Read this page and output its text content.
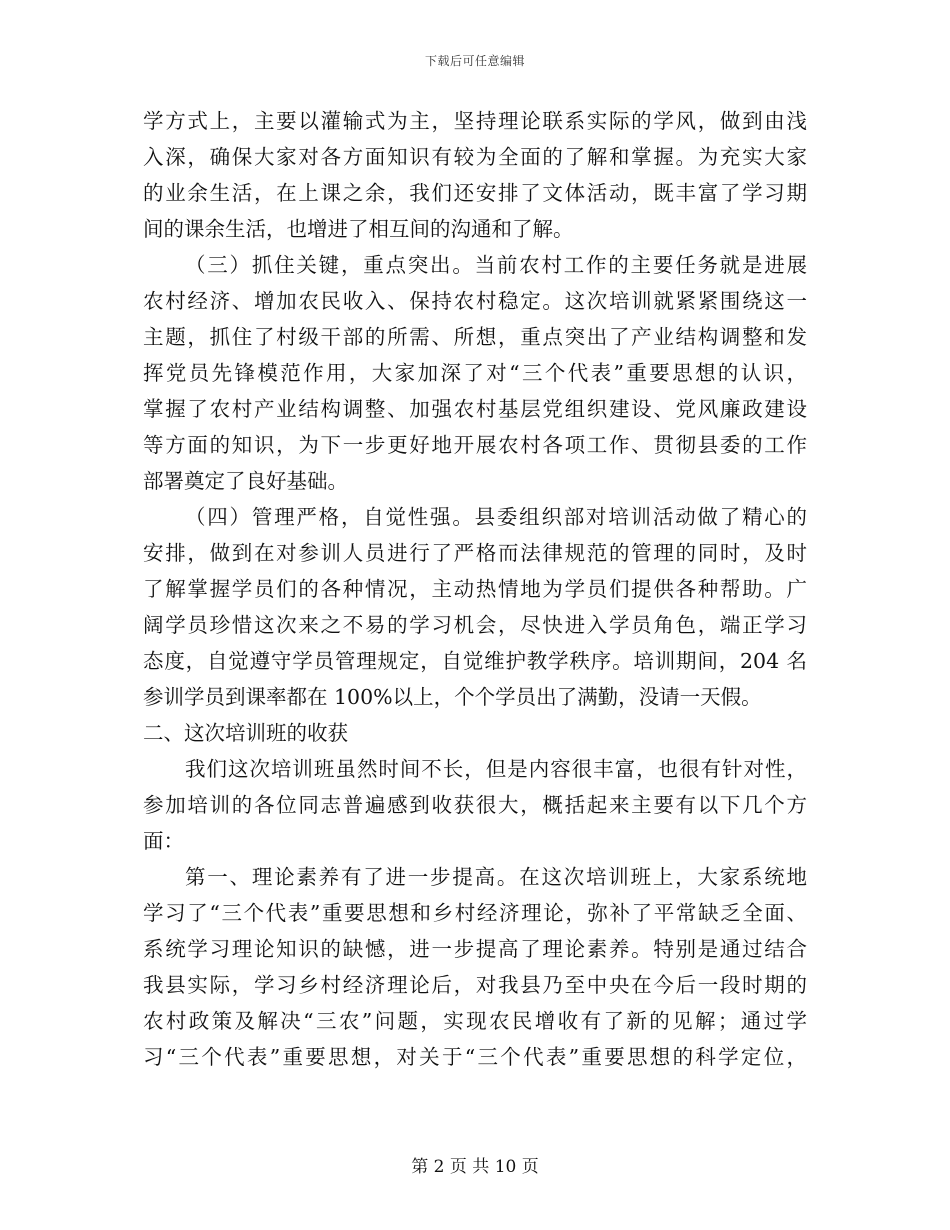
下载后可任意编辑
学方式上，主要以灌输式为主，坚持理论联系实际的学风，做到由浅
入深，确保大家对各方面知识有较为全面的了解和掌握。为充实大家
的业余生活，在上课之余，我们还安排了文体活动，既丰富了学习期
间的课余生活，也增进了相互间的沟通和了解。
（三）抓住关键，重点突出。当前农村工作的主要任务就是进展
农村经济、增加农民收入、保持农村稳定。这次培训就紧紧围绕这一
主题，抓住了村级干部的所需、所想，重点突出了产业结构调整和发
挥党员先锋模范作用，大家加深了对“三个代表”重要思想的认识，
掌握了农村产业结构调整、加强农村基层党组织建设、党风廉政建设
等方面的知识，为下一步更好地开展农村各项工作、贯彻县委的工作
部署奠定了良好基础。
（四）管理严格，自觉性强。县委组织部对培训活动做了精心的
安排，做到在对参训人员进行了严格而法律规范的管理的同时，及时
了解掌握学员们的各种情况，主动热情地为学员们提供各种帮助。广
阔学员珍惜这次来之不易的学习机会，尽快进入学员角色，端正学习
态度，自觉遵守学员管理规定，自觉维护教学秩序。培训期间，204 名
参训学员到课率都在 100%以上，个个学员出了满勤，没请一天假。
二、这次培训班的收获
我们这次培训班虽然时间不长，但是内容很丰富，也很有针对性，
参加培训的各位同志普遍感到收获很大，概括起来主要有以下几个方
面：
第一、理论素养有了进一步提高。在这次培训班上，大家系统地
学习了“三个代表”重要思想和乡村经济理论，弥补了平常缺乏全面、
系统学习理论知识的缺憾，进一步提高了理论素养。特别是通过结合
我县实际，学习乡村经济理论后，对我县乃至中央在今后一段时期的
农村政策及解决“三农”问题，实现农民增收有了新的见解；通过学
习“三个代表”重要思想，对关于“三个代表”重要思想的科学定位，
第 2 页 共 10 页
